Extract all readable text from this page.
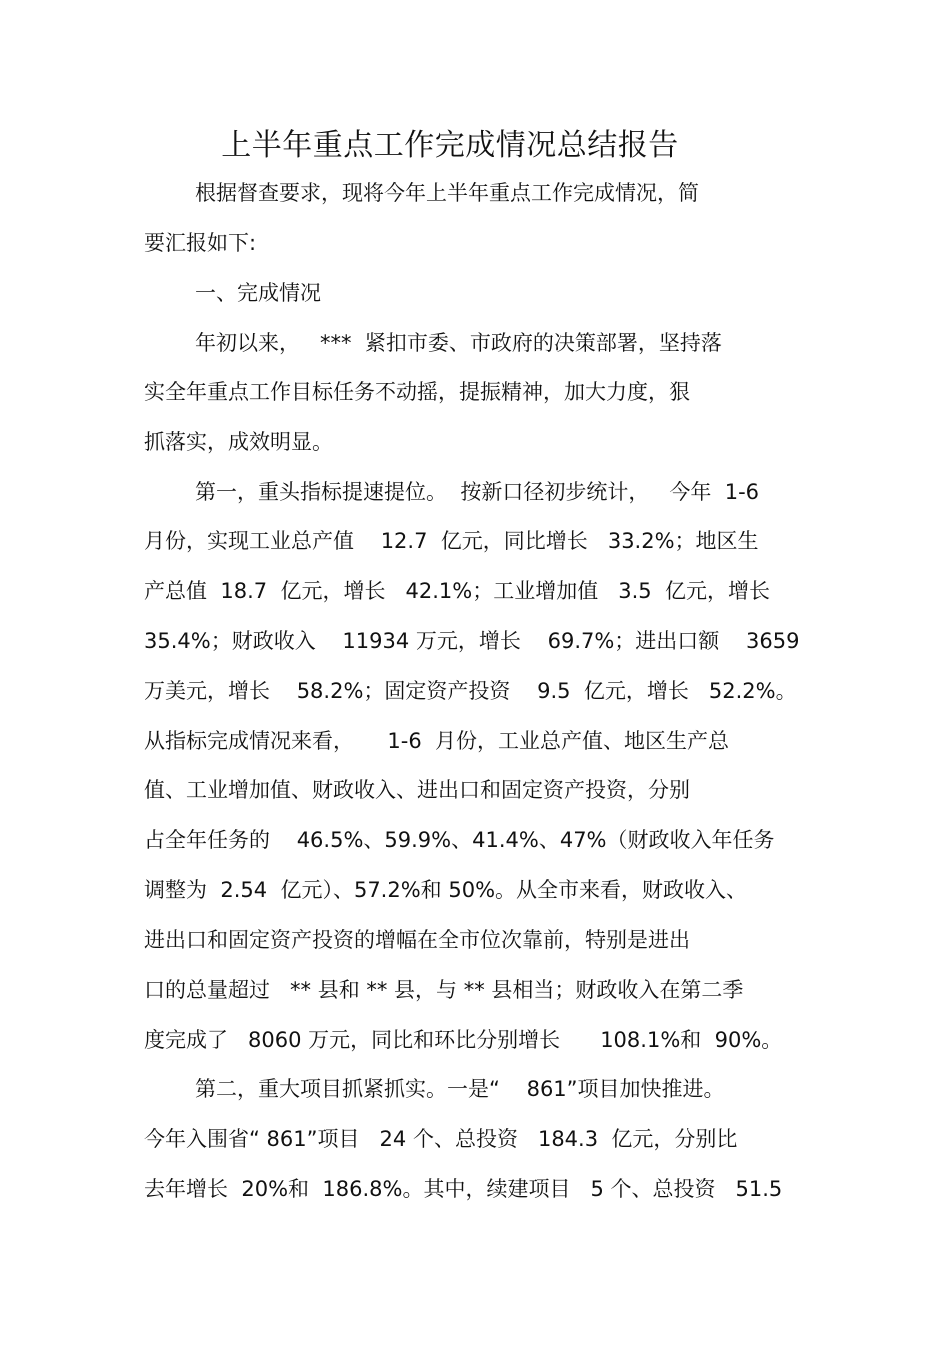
上半年重点工作完成情况总结报告

根据督查要求，现将今年上半年重点工作完成情况，简

要汇报如下:

一、完成情况

年初以来，   ***  紧扣市委、市政府的决策部署，坚持落

实全年重点工作目标任务不动摇，提振精神，加大力度，狠

抓落实，成效明显。

第一，重头指标提速提位。  按新口径初步统计，   今年  1-6

月份，实现工业总产值    12.7  亿元，同比增长   33.2%；地区生

产总值  18.7  亿元，增长   42.1%；工业增加值   3.5  亿元，增长

35.4%；财政收入    11934 万元，增长    69.7%；进出口额    3659

万美元，增长    58.2%；固定资产投资    9.5  亿元，增长   52.2%。

从指标完成情况来看，     1-6  月份，工业总产值、地区生产总

值、工业增加值、财政收入、进出口和固定资产投资，分别

占全年任务的    46.5%、59.9%、41.4%、47%（财政收入年任务

调整为  2.54  亿元）、57.2%和 50%。从全市来看，财政收入、

进出口和固定资产投资的增幅在全市位次靠前，特别是进出

口的总量超过   ** 县和 ** 县，与 ** 县相当；财政收入在第二季

度完成了   8060 万元，同比和环比分别增长      108.1%和  90%。

第二，重大项目抓紧抓实。一是“    861”项目加快推进。

今年入围省“ 861”项目   24 个、总投资   184.3  亿元，分别比

去年增长  20%和  186.8%。其中，续建项目   5 个、总投资   51.5
